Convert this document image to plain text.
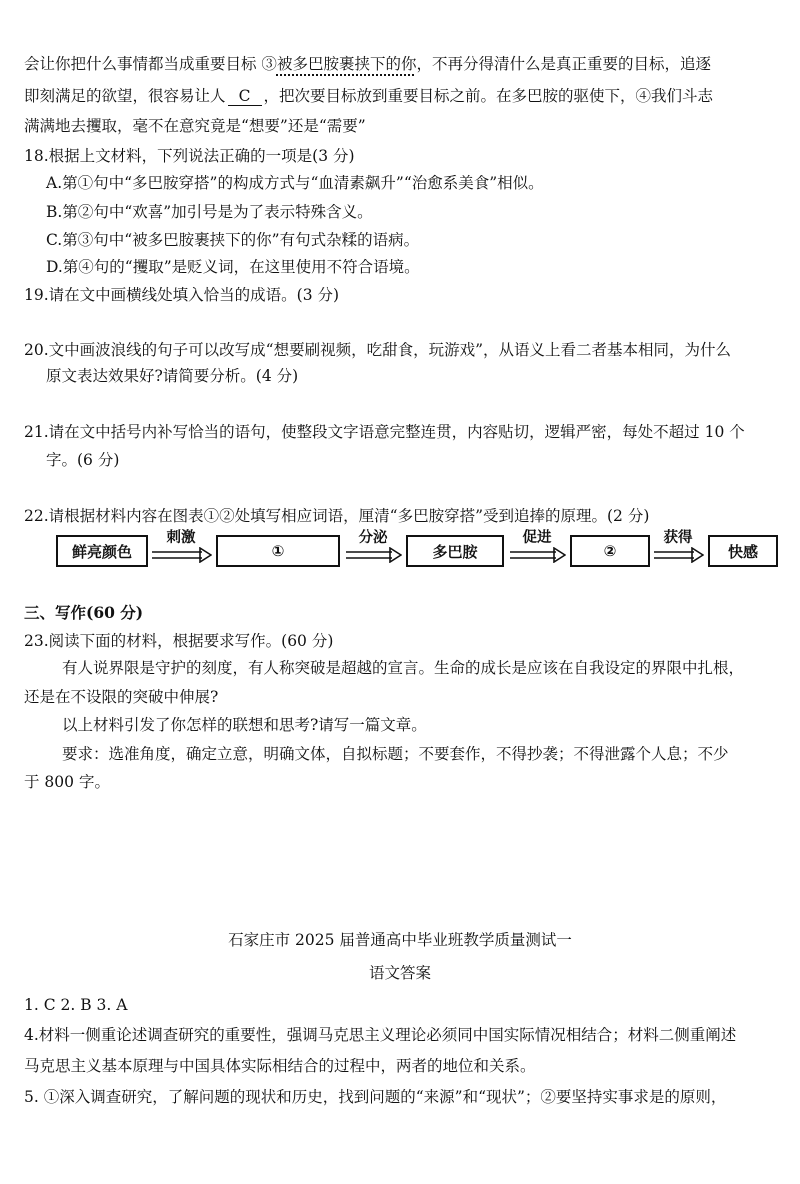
会让你把什么事情都当成重要目标 ③被多巴胺裹挟下的你，不再分得清什么是真正重要的目标，追逐
即刻满足的欲望，很容易让人 C ，把次要目标放到重要目标之前。在多巴胺的驱使下，④我们斗志
满满地去攫取，毫不在意究竟是“想要”还是“需要”
18.根据上文材料，下列说法正确的一项是(3 分)
A.第①句中“多巴胺穿搭”的构成方式与“血清素飙升”“治愈系美食”相似。
B.第②句中“欢喜”加引号是为了表示特殊含义。
C.第③句中“被多巴胺裹挟下的你”有句式杂糅的语病。
D.第④句的“攫取”是贬义词，在这里使用不符合语境。
19.请在文中画横线处填入恰当的成语。(3 分)
20.文中画波浪线的句子可以改写成“想要刷视频，吃甜食，玩游戏”，从语义上看二者基本相同，为什么
原文表达效果好?请简要分析。(4 分)
21.请在文中括号内补写恰当的语句，使整段文字语意完整连贯，内容贴切，逻辑严密，每处不超过 10 个
字。(6 分)
22.请根据材料内容在图表①②处填写相应词语，厘清“多巴胺穿搭”受到追捧的原理。(2 分)
鲜亮颜色
刺激
①
分泌
多巴胺
促进
②
获得
快感
三、写作(60 分)
23.阅读下面的材料，根据要求写作。(60 分)
有人说界限是守护的刻度，有人称突破是超越的宣言。生命的成长是应该在自我设定的界限中扎根，
还是在不设限的突破中伸展?
以上材料引发了你怎样的联想和思考?请写一篇文章。
要求：选准角度，确定立意，明确文体，自拟标题；不要套作，不得抄袭；不得泄露个人息；不少
于 800 字。
石家庄市 2025 届普通高中毕业班教学质量测试一
语文答案
1. C 2. B 3. A
4.材料一侧重论述调查研究的重要性，强调马克思主义理论必须同中国实际情况相结合；材料二侧重阐述
马克思主义基本原理与中国具体实际相结合的过程中，两者的地位和关系。
5. ①深入调查研究，了解问题的现状和历史，找到问题的“来源”和“现状”；②要坚持实事求是的原则，
